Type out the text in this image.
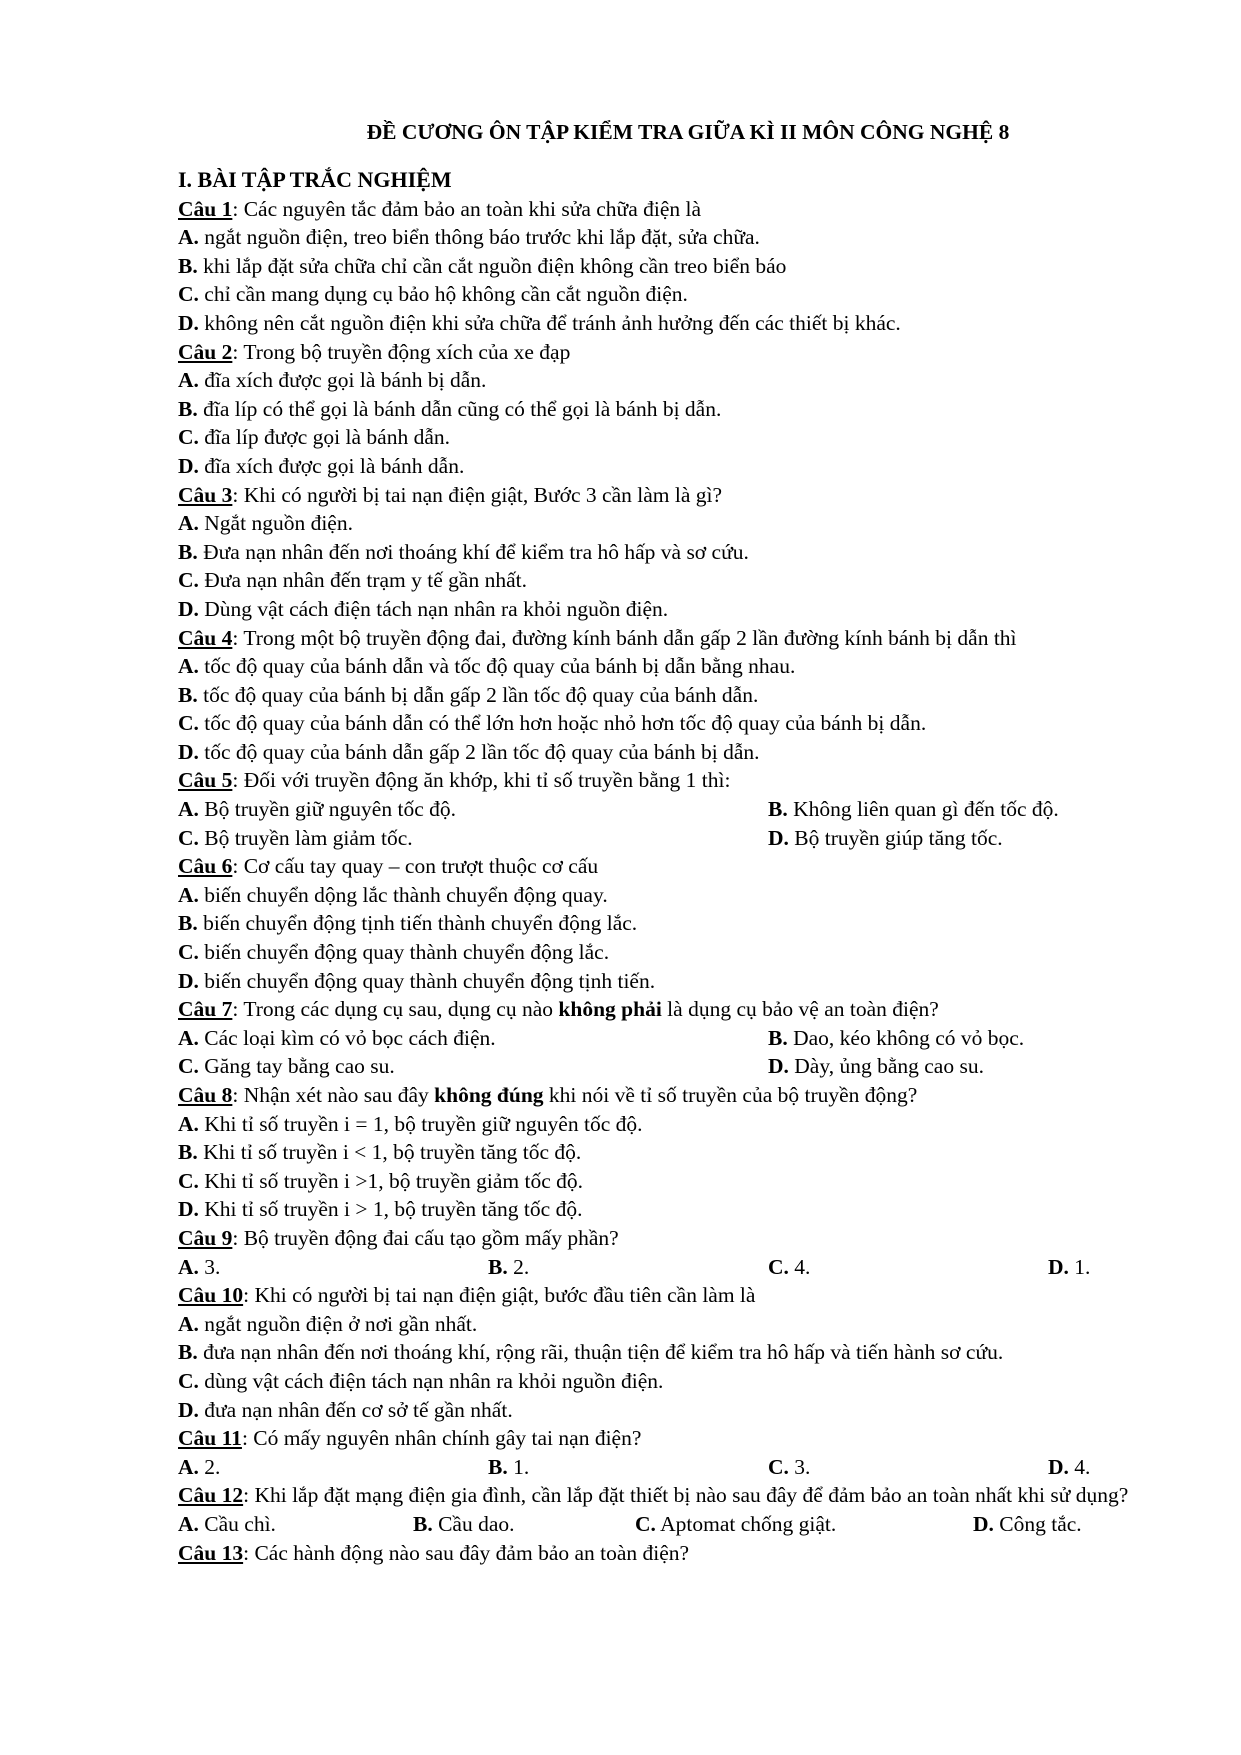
ĐỀ CƯƠNG ÔN TẬP KIỂM TRA GIỮA KÌ II MÔN CÔNG NGHỆ 8
I. BÀI TẬP TRẮC NGHIỆM
Câu 1: Các nguyên tắc đảm bảo an toàn khi sửa chữa điện là
A. ngắt nguồn điện, treo biển thông báo trước khi lắp đặt, sửa chữa.
B. khi lắp đặt sửa chữa chỉ cần cắt nguồn điện không cần treo biển báo
C. chỉ cần mang dụng cụ bảo hộ không cần cắt nguồn điện.
D. không nên cắt nguồn điện khi sửa chữa để tránh ảnh hưởng đến các thiết bị khác.
Câu 2: Trong bộ truyền động xích của xe đạp
A. đĩa xích được gọi là bánh bị dẫn.
B. đĩa líp có thể gọi là bánh dẫn cũng có thể gọi là bánh bị dẫn.
C. đĩa líp được gọi là bánh dẫn.
D. đĩa xích được gọi là bánh dẫn.
Câu 3: Khi có người bị tai nạn điện giật, Bước 3 cần làm là gì?
A. Ngắt nguồn điện.
B. Đưa nạn nhân đến nơi thoáng khí để kiểm tra hô hấp và sơ cứu.
C. Đưa nạn nhân đến trạm y tế gần nhất.
D. Dùng vật cách điện tách nạn nhân ra khỏi nguồn điện.
Câu 4: Trong một bộ truyền động đai, đường kính bánh dẫn gấp 2 lần đường kính bánh bị dẫn thì
A. tốc độ quay của bánh dẫn và tốc độ quay của bánh bị dẫn bằng nhau.
B. tốc độ quay của bánh bị dẫn gấp 2 lần tốc độ quay của bánh dẫn.
C. tốc độ quay của bánh dẫn có thể lớn hơn hoặc nhỏ hơn tốc độ quay của bánh bị dẫn.
D. tốc độ quay của bánh dẫn gấp 2 lần tốc độ quay của bánh bị dẫn.
Câu 5: Đối với truyền động ăn khớp, khi tỉ số truyền bằng 1 thì:
A. Bộ truyền giữ nguyên tốc độ.	B. Không liên quan gì đến tốc độ.
C. Bộ truyền làm giảm tốc.	D. Bộ truyền giúp tăng tốc.
Câu 6: Cơ cấu tay quay – con trượt thuộc cơ cấu
A. biến chuyển dộng lắc thành chuyển động quay.
B. biến chuyển động tịnh tiến thành chuyển động lắc.
C. biến chuyển động quay thành chuyển động lắc.
D. biến chuyển động quay thành chuyển động tịnh tiến.
Câu 7: Trong các dụng cụ sau, dụng cụ nào không phải là dụng cụ bảo vệ an toàn điện?
A. Các loại kìm có vỏ bọc cách điện.	B. Dao, kéo không có vỏ bọc.
C. Găng tay bằng cao su.	D. Dày, ủng bằng cao su.
Câu 8: Nhận xét nào sau đây không đúng khi nói về tỉ số truyền của bộ truyền động?
A. Khi tỉ số truyền i = 1, bộ truyền giữ nguyên tốc độ.
B. Khi tỉ số truyền i < 1, bộ truyền tăng tốc độ.
C. Khi tỉ số truyền i >1, bộ truyền giảm tốc độ.
D. Khi tỉ số truyền i > 1, bộ truyền tăng tốc độ.
Câu 9: Bộ truyền động đai cấu tạo gồm mấy phần?
A. 3.	B. 2.	C. 4.	D. 1.
Câu 10: Khi có người bị tai nạn điện giật, bước đầu tiên cần làm là
A. ngắt nguồn điện ở nơi gần nhất.
B. đưa nạn nhân đến nơi thoáng khí, rộng rãi, thuận tiện để kiểm tra hô hấp và tiến hành sơ cứu.
C. dùng vật cách điện tách nạn nhân ra khỏi nguồn điện.
D. đưa nạn nhân đến cơ sở tế gần nhất.
Câu 11: Có mấy nguyên nhân chính gây tai nạn điện?
A. 2.	B. 1.	C. 3.	D. 4.
Câu 12: Khi lắp đặt mạng điện gia đình, cần lắp đặt thiết bị nào sau đây để đảm bảo an toàn nhất khi sử dụng?
A. Cầu chì.	B. Cầu dao.	C. Aptomat chống giật.	D. Công tắc.
Câu 13: Các hành động nào sau đây đảm bảo an toàn điện?
